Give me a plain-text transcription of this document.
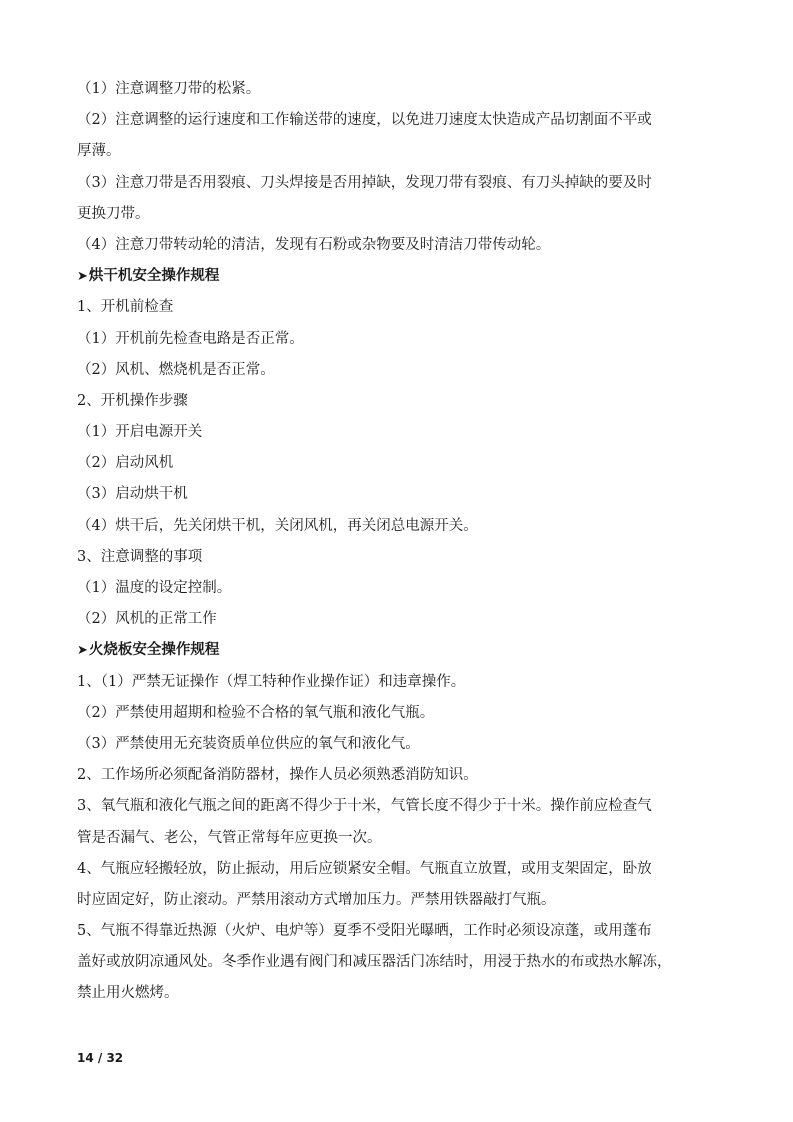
（1）注意调整刀带的松紧。
（2）注意调整的运行速度和工作输送带的速度，以免进刀速度太快造成产品切割面不平或
厚薄。
（3）注意刀带是否用裂痕、刀头焊接是否用掉缺，发现刀带有裂痕、有刀头掉缺的要及时
更换刀带。
（4）注意刀带转动轮的清洁，发现有石粉或杂物要及时清洁刀带传动轮。
➤烘干机安全操作规程
1、开机前检查
（1）开机前先检查电路是否正常。
（2）风机、燃烧机是否正常。
2、开机操作步骤
（1）开启电源开关
（2）启动风机
（3）启动烘干机
（4）烘干后，先关闭烘干机，关闭风机，再关闭总电源开关。
3、注意调整的事项
（1）温度的设定控制。
（2）风机的正常工作
➤火烧板安全操作规程
1、（1）严禁无证操作（焊工特种作业操作证）和违章操作。
（2）严禁使用超期和检验不合格的氧气瓶和液化气瓶。
（3）严禁使用无充装资质单位供应的氧气和液化气。
2、工作场所必须配备消防器材，操作人员必须熟悉消防知识。
3、氧气瓶和液化气瓶之间的距离不得少于十米，气管长度不得少于十米。操作前应检查气
管是否漏气、老公，气管正常每年应更换一次。
4、气瓶应轻搬轻放，防止振动，用后应锁紧安全帽。气瓶直立放置，或用支架固定，卧放
时应固定好，防止滚动。严禁用滚动方式增加压力。严禁用铁器敲打气瓶。
5、气瓶不得靠近热源（火炉、电炉等）夏季不受阳光曝晒，工作时必须设凉蓬，或用蓬布
盖好或放阴凉通风处。冬季作业遇有阀门和减压器活门冻结时，用浸于热水的布或热水解冻，
禁止用火燃烤。
14 / 32
